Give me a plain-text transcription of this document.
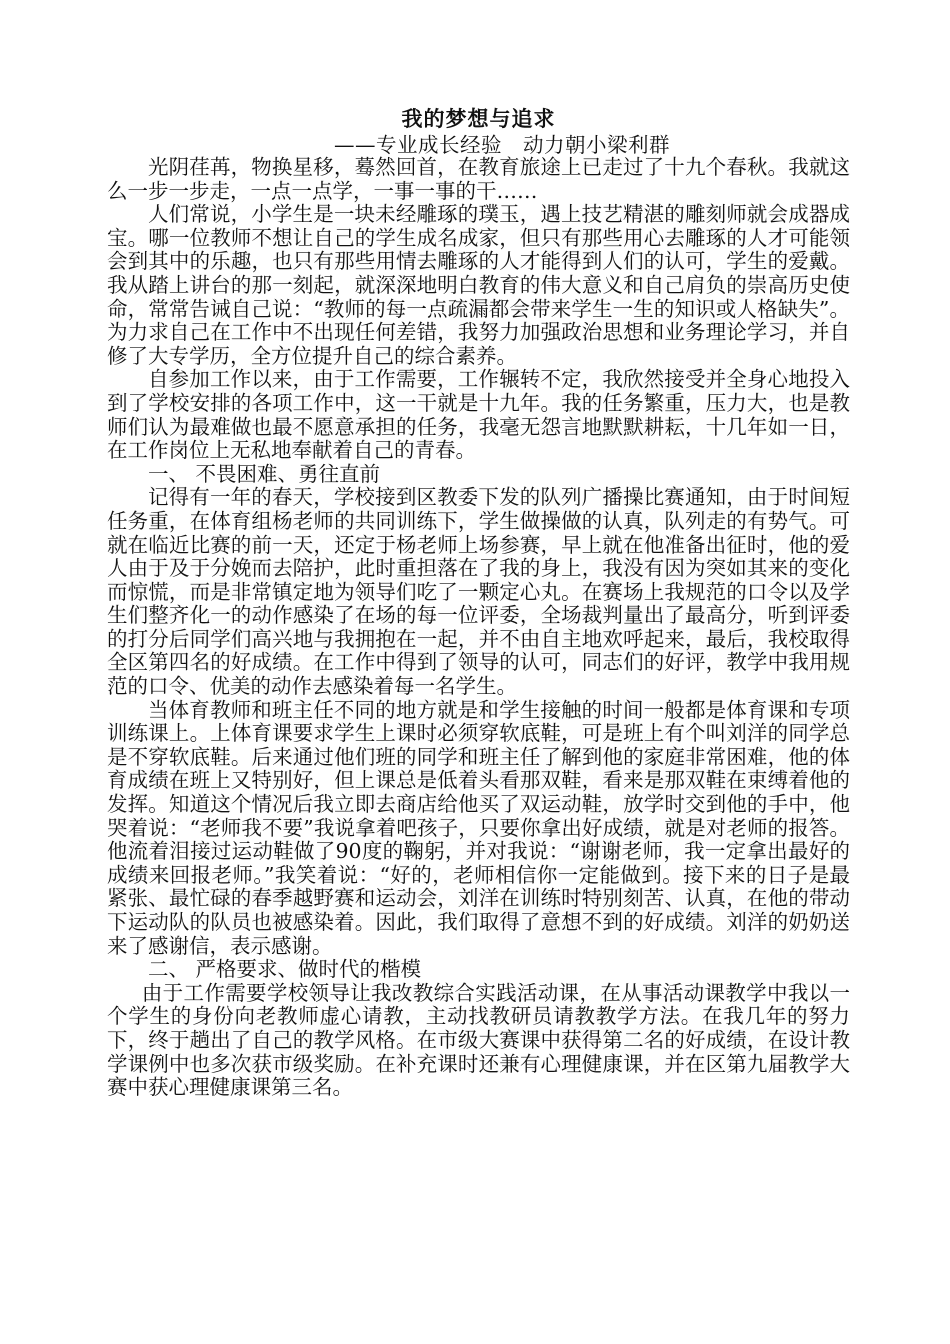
我的梦想与追求
——专业成长经验　动力朝小梁利群

光阴荏苒，物换星移，蓦然回首，在教育旅途上已走过了十九个春秋。我就这么一步一步走，一点一点学，一事一事的干……

人们常说，小学生是一块未经雕琢的璞玉，遇上技艺精湛的雕刻师就会成器成宝。哪一位教师不想让自己的学生成名成家，但只有那些用心去雕琢的人才可能领会到其中的乐趣，也只有那些用情去雕琢的人才能得到人们的认可，学生的爱戴。我从踏上讲台的那一刻起，就深深地明白教育的伟大意义和自己肩负的崇高历史使命，常常告诫自己说：“教师的每一点疏漏都会带来学生一生的知识或人格缺失”。为力求自己在工作中不出现任何差错，我努力加强政治思想和业务理论学习，并自修了大专学历，全方位提升自己的综合素养。

自参加工作以来，由于工作需要，工作辗转不定，我欣然接受并全身心地投入到了学校安排的各项工作中，这一干就是十九年。我的任务繁重，压力大，也是教师们认为最难做也最不愿意承担的任务，我毫无怨言地默默耕耘，十几年如一日，在工作岗位上无私地奉献着自己的青春。

一、 不畏困难、勇往直前

记得有一年的春天，学校接到区教委下发的队列广播操比赛通知，由于时间短任务重，在体育组杨老师的共同训练下，学生做操做的认真，队列走的有势气。可就在临近比赛的前一天，还定于杨老师上场参赛，早上就在他准备出征时，他的爱人由于及于分娩而去陪护，此时重担落在了我的身上，我没有因为突如其来的变化而惊慌，而是非常镇定地为领导们吃了一颗定心丸。在赛场上我规范的口令以及学生们整齐化一的动作感染了在场的每一位评委，全场裁判量出了最高分，听到评委的打分后同学们高兴地与我拥抱在一起，并不由自主地欢呼起来，最后，我校取得全区第四名的好成绩。在工作中得到了领导的认可，同志们的好评，教学中我用规范的口令、优美的动作去感染着每一名学生。

当体育教师和班主任不同的地方就是和学生接触的时间一般都是体育课和专项训练课上。上体育课要求学生上课时必须穿软底鞋，可是班上有个叫刘洋的同学总是不穿软底鞋。后来通过他们班的同学和班主任了解到他的家庭非常困难，他的体育成绩在班上又特别好，但上课总是低着头看那双鞋，看来是那双鞋在束缚着他的发挥。知道这个情况后我立即去商店给他买了双运动鞋，放学时交到他的手中，他哭着说：“老师我不要”我说拿着吧孩子，只要你拿出好成绩，就是对老师的报答。他流着泪接过运动鞋做了90度的鞠躬，并对我说：“谢谢老师，我一定拿出最好的成绩来回报老师。”我笑着说：“好的，老师相信你一定能做到。接下来的日子是最紧张、最忙碌的春季越野赛和运动会，刘洋在训练时特别刻苦、认真，在他的带动下运动队的队员也被感染着。因此，我们取得了意想不到的好成绩。刘洋的奶奶送来了感谢信，表示感谢。

二、 严格要求、做时代的楷模

由于工作需要学校领导让我改教综合实践活动课，在从事活动课教学中我以一个学生的身份向老教师虚心请教，主动找教研员请教教学方法。在我几年的努力下，终于趟出了自己的教学风格。在市级大赛课中获得第二名的好成绩，在设计教学课例中也多次获市级奖励。在补充课时还兼有心理健康课，并在区第九届教学大赛中获心理健康课第三名。
